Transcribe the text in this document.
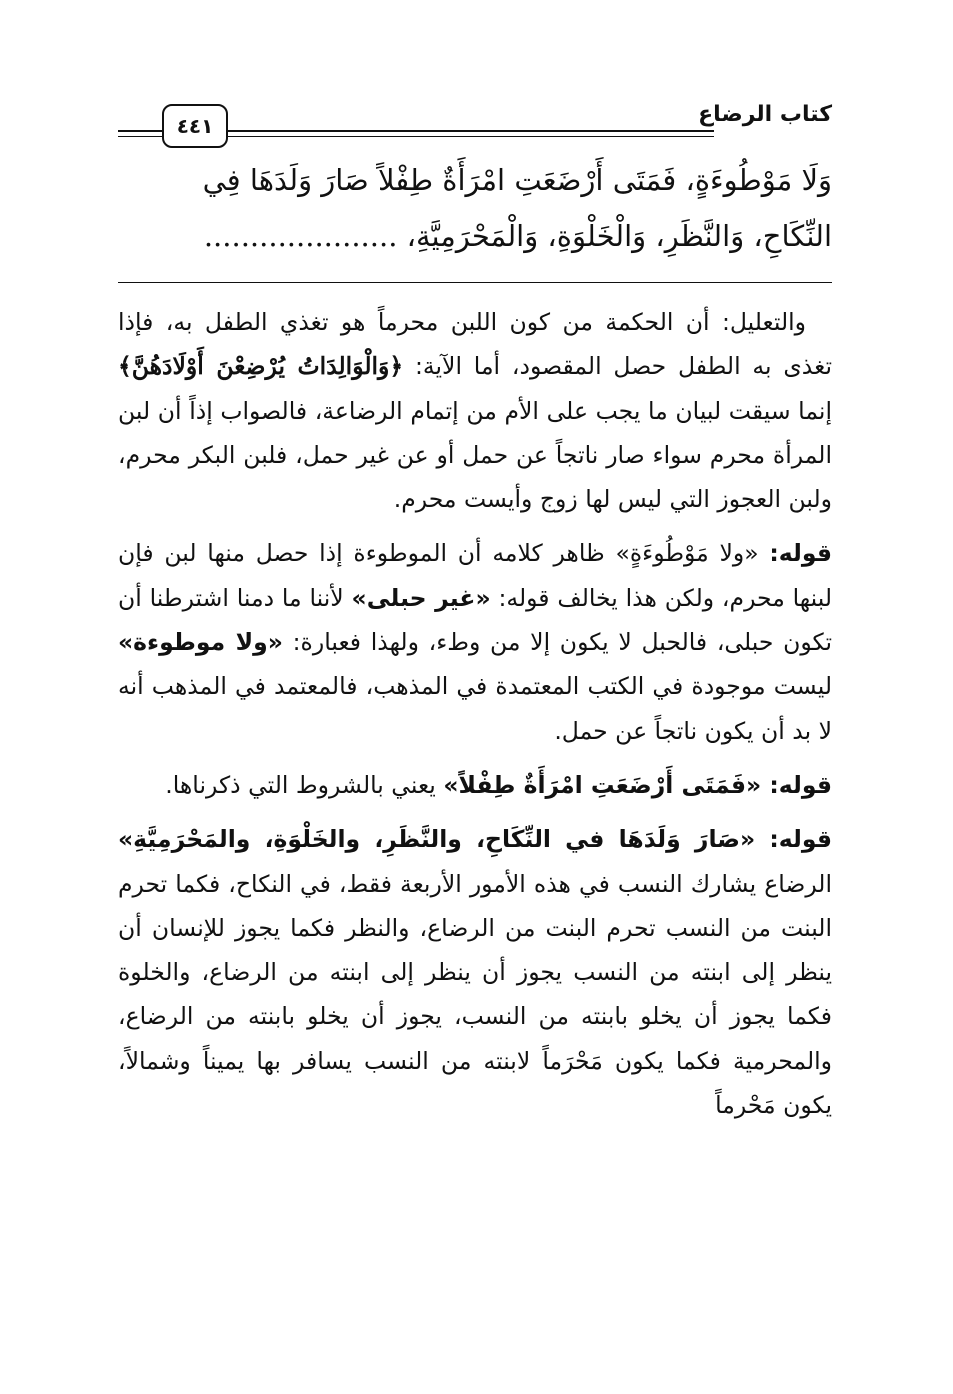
كتاب الرضاع
٤٤١

وَلَا مَوْطُوءَةٍ، فَمَتَى أَرْضَعَتِ امْرَأَةٌ طِفْلاً صَارَ وَلَدَهَا فِي

النِّكَاحِ، وَالنَّظَرِ، وَالْخَلْوَةِ، وَالْمَحْرَمِيَّةِ، .....................

والتعليل: أن الحكمة من كون اللبن محرماً هو تغذي الطفل به، فإذا تغذى به الطفل حصل المقصود، أما الآية: ﴿وَالْوَالِدَاتُ يُرْضِعْنَ أَوْلَادَهُنَّ﴾ إنما سيقت لبيان ما يجب على الأم من إتمام الرضاعة، فالصواب إذاً أن لبن المرأة محرم سواء صار ناتجاً عن حمل أو عن غير حمل، فلبن البكر محرم، ولبن العجوز التي ليس لها زوج وأيست محرم.

قوله: «ولا مَوْطُوءَةٍ» ظاهر كلامه أن الموطوءة إذا حصل منها لبن فإن لبنها محرم، ولكن هذا يخالف قوله: «غير حبلى» لأننا ما دمنا اشترطنا أن تكون حبلى، فالحبل لا يكون إلا من وطء، ولهذا فعبارة: «ولا موطوءة» ليست موجودة في الكتب المعتمدة في المذهب، فالمعتمد في المذهب أنه لا بد أن يكون ناتجاً عن حمل.

قوله: «فَمَتَى أَرْضَعَتِ امْرَأَةٌ طِفْلاً» يعني بالشروط التي ذكرناها.

قوله: «صَارَ وَلَدَهَا في النِّكَاحِ، والنَّظَرِ، والخَلْوَةِ، والمَحْرَمِيَّةِ» الرضاع يشارك النسب في هذه الأمور الأربعة فقط، في النكاح، فكما تحرم البنت من النسب تحرم البنت من الرضاع، والنظر فكما يجوز للإنسان أن ينظر إلى ابنته من النسب يجوز أن ينظر إلى ابنته من الرضاع، والخلوة فكما يجوز أن يخلو بابنته من النسب، يجوز أن يخلو بابنته من الرضاع، والمحرمية فكما يكون مَحْرَماً لابنته من النسب يسافر بها يميناً وشمالاً، يكون مَحْرماً
